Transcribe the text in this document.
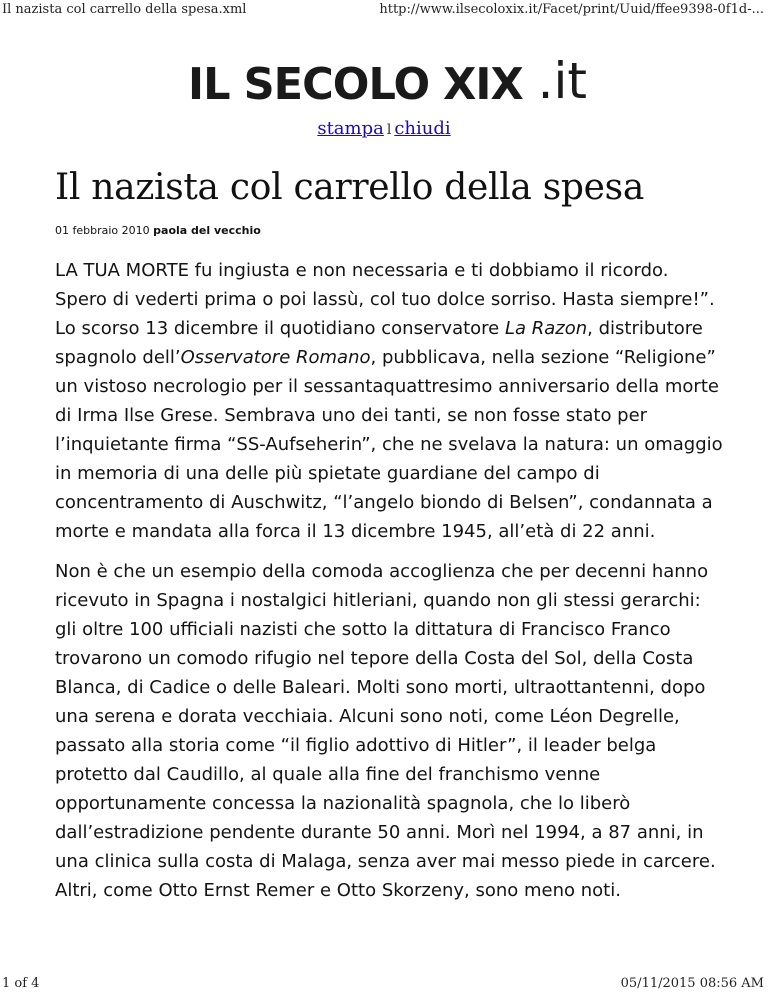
Il nazista col carrello della spesa.xml	http://www.ilsecoloxix.it/Facet/print/Uuid/ffee9398-0f1d-...
IL SECOLO XIX .it
stampa l chiudi
Il nazista col carrello della spesa
01 febbraio 2010 paola del vecchio

LA TUA MORTE fu ingiusta e non necessaria e ti dobbiamo il ricordo. Spero di vederti prima o poi lassù, col tuo dolce sorriso. Hasta siempre!”. Lo scorso 13 dicembre il quotidiano conservatore La Razon, distributore spagnolo dell’Osservatore Romano, pubblicava, nella sezione “Religione” un vistoso necrologio per il sessantaquattresimo anniversario della morte di Irma Ilse Grese. Sembrava uno dei tanti, se non fosse stato per l’inquietante firma “SS-Aufseherin”, che ne svelava la natura: un omaggio in memoria di una delle più spietate guardiane del campo di concentramento di Auschwitz, “l’angelo biondo di Belsen”, condannata a morte e mandata alla forca il 13 dicembre 1945, all’età di 22 anni.

Non è che un esempio della comoda accoglienza che per decenni hanno ricevuto in Spagna i nostalgici hitleriani, quando non gli stessi gerarchi: gli oltre 100 ufficiali nazisti che sotto la dittatura di Francisco Franco trovarono un comodo rifugio nel tepore della Costa del Sol, della Costa Blanca, di Cadice o delle Baleari. Molti sono morti, ultraottantenni, dopo una serena e dorata vecchiaia. Alcuni sono noti, come Léon Degrelle, passato alla storia come “il figlio adottivo di Hitler”, il leader belga protetto dal Caudillo, al quale alla fine del franchismo venne opportunamente concessa la nazionalità spagnola, che lo liberò dall’estradizione pendente durante 50 anni. Morì nel 1994, a 87 anni, in una clinica sulla costa di Malaga, senza aver mai messo piede in carcere. Altri, come Otto Ernst Remer e Otto Skorzeny, sono meno noti.

1 of 4	05/11/2015 08:56 AM
